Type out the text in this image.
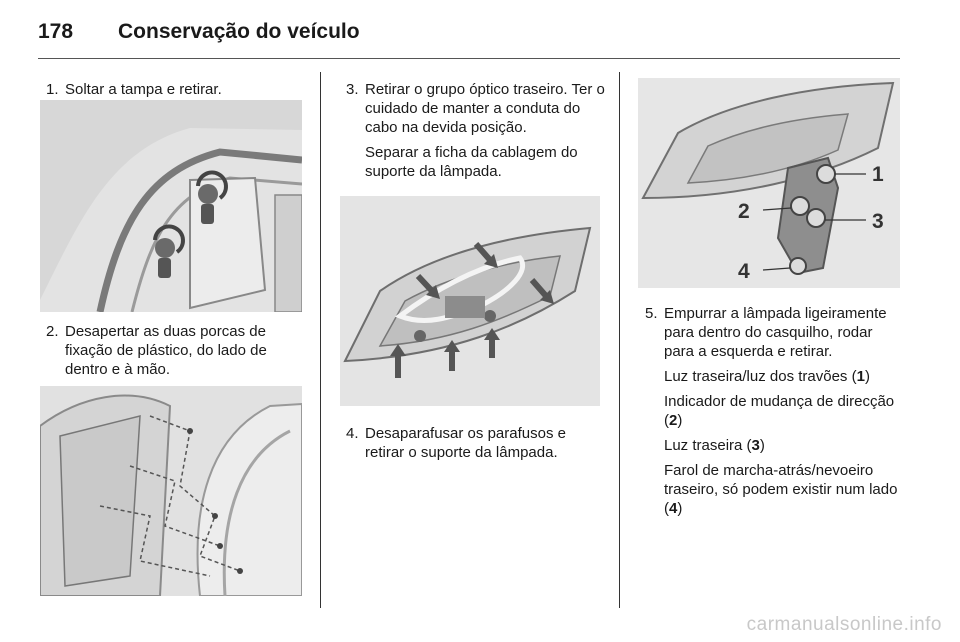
178	Conservação do veículo
1. Soltar a tampa e retirar.

2. Desapertar as duas porcas de fixação de plástico, do lado de dentro e à mão.

3. Retirar o grupo óptico traseiro. Ter o cuidado de manter a conduta do cabo na devida posição.

Separar a ficha da cablagem do suporte da lâmpada.

4. Desaparafusar os parafusos e retirar o suporte da lâmpada.

1
2	3
4
5. Empurrar a lâmpada ligeiramente para dentro do casquilho, rodar para a esquerda e retirar.

Luz traseira/luz dos travões (1)

Indicador de mudança de direcção (2)

Luz traseira (3)

Farol de marcha-atrás/nevoeiro traseiro, só podem existir num lado (4)

carmanualsonline.info
